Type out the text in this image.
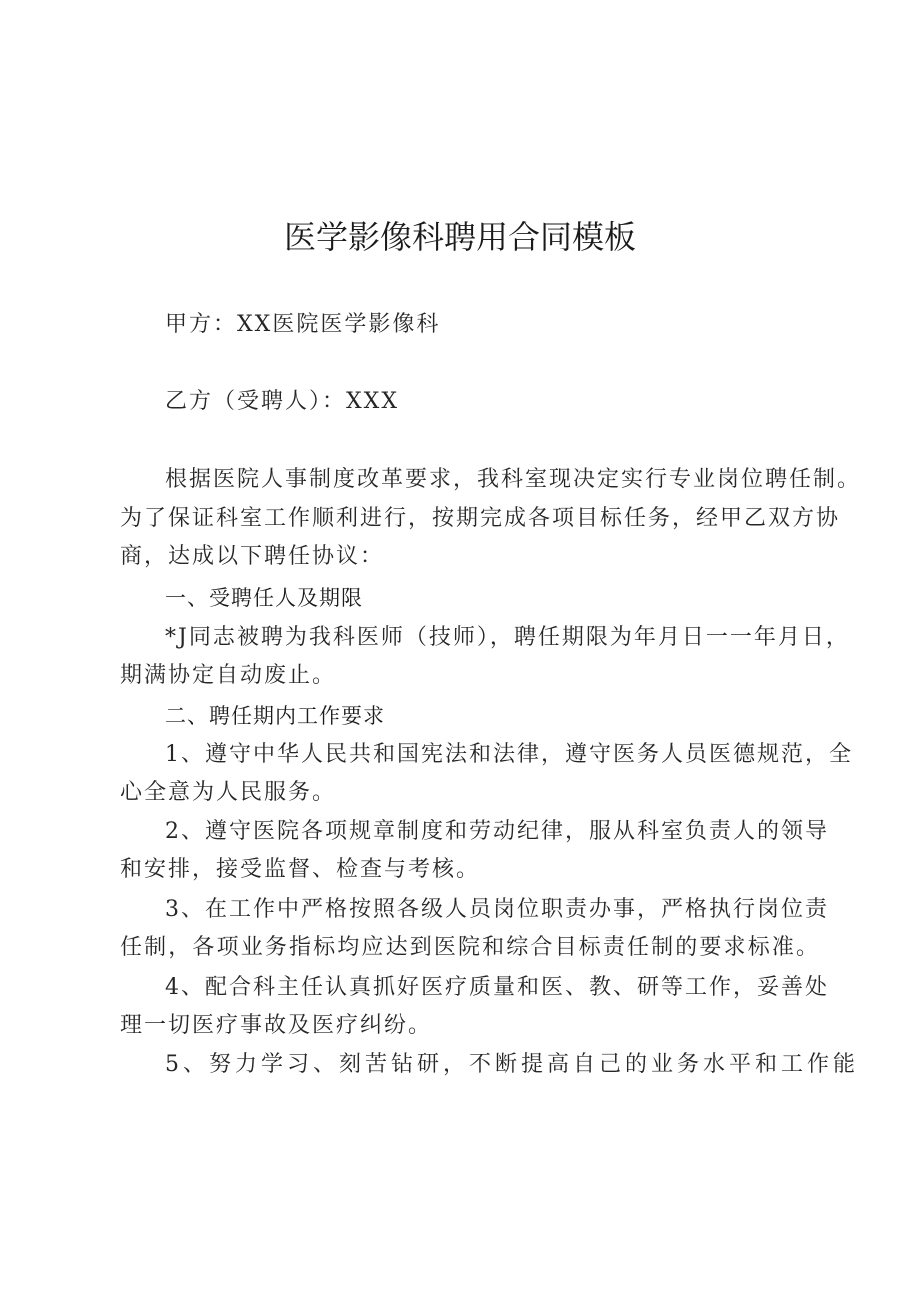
医学影像科聘用合同模板
甲方：XX医院医学影像科
乙方（受聘人）：XXX
根据医院人事制度改革要求，我科室现决定实行专业岗位聘任制。
为了保证科室工作顺利进行，按期完成各项目标任务，经甲乙双方协
商，达成以下聘任协议：
一、受聘任人及期限
*J同志被聘为我科医师（技师），聘任期限为年月日一一年月日，
期满协定自动废止。
二、聘任期内工作要求
1、遵守中华人民共和国宪法和法律，遵守医务人员医德规范，全
心全意为人民服务。
2、遵守医院各项规章制度和劳动纪律，服从科室负责人的领导
和安排，接受监督、检查与考核。
3、在工作中严格按照各级人员岗位职责办事，严格执行岗位责
任制，各项业务指标均应达到医院和综合目标责任制的要求标准。
4、配合科主任认真抓好医疗质量和医、教、研等工作，妥善处
理一切医疗事故及医疗纠纷。
5、努力学习、刻苦钻研，不断提高自己的业务水平和工作能
